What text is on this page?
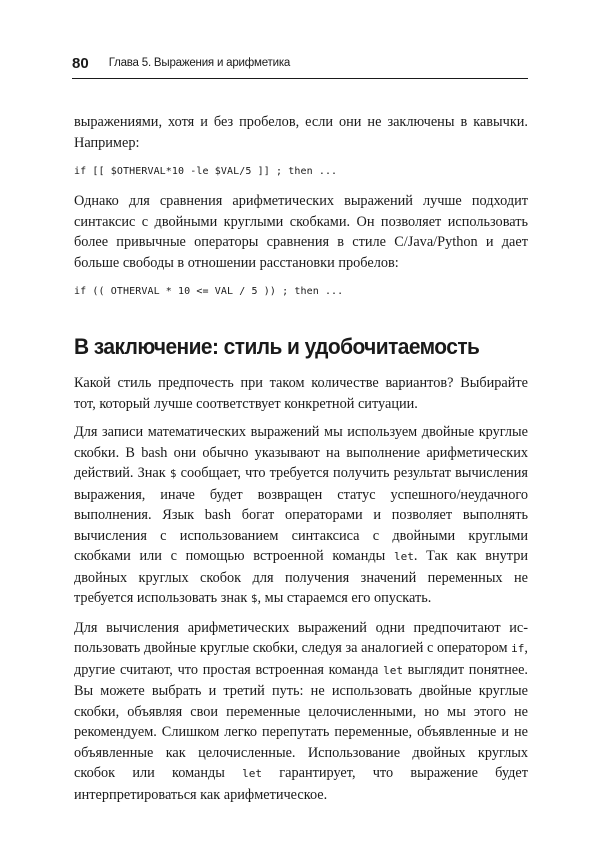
80 Глава 5. Выражения и арифметика

выражениями, хотя и без пробелов, если они не заключены в кавычки. Например:

if [[ $OTHERVAL*10 -le $VAL/5 ]] ; then ...

Однако для сравнения арифметических выражений лучше подходит синтаксис с двойными круглыми скобками. Он позволяет использовать более привычные операторы сравнения в стиле C/Java/Python и дает больше свободы в отношении расстановки пробелов:

if (( OTHERVAL * 10 <= VAL / 5 )) ; then ...
В заключение: стиль и удобочитаемость

Какой стиль предпочесть при таком количестве вариантов? Выбирайте тот, который лучше соответствует конкретной ситуации.

Для записи математических выражений мы используем двойные круглые скобки. В bash они обычно указывают на выполнение арифметических действий. Знак $ сообщает, что требуется получить результат вычисления выражения, иначе будет возвращен статус успешного/неудачного выполнения. Язык bash богат операторами и позволяет выполнять вычисления с использованием синтаксиса с двойными круглыми скобками или с помощью встроенной команды let. Так как внутри двойных круглых скобок для получения значений переменных не требуется использовать знак $, мы стараемся его опускать.

Для вычисления арифметических выражений одни предпочитают использовать двойные круглые скобки, следуя за аналогией с оператором if, другие считают, что простая встроенная команда let выглядит понятнее. Вы можете выбрать и третий путь: не использовать двойные круглые скобки, объявляя свои переменные целочисленными, но мы этого не рекомендуем. Слишком легко перепутать переменные, объявленные и не объявленные как целочисленные. Использование двойных круглых скобок или команды let гарантирует, что выражение будет интерпретироваться как арифметическое.
